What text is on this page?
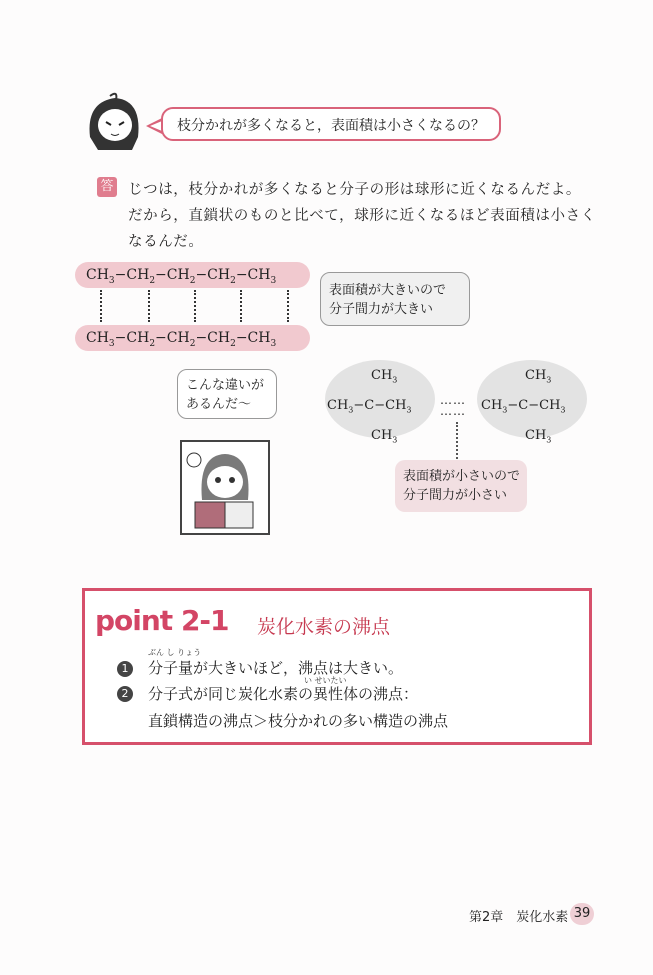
枝分かれが多くなると，表面積は小さくなるの？
答 じつは，枝分かれが多くなると分子の形は球形に近くなるんだよ。
だから，直鎖状のものと比べて，球形に近くなるほど表面積は小さく
なるんだ。
$CH_3-CH_2-CH_2-CH_2-CH_3$
$CH_3-CH_2-CH_2-CH_2-CH_3$
表面積が大きいので
分子間力が大きい
$CH_3$
$CH_3-C-CH_3$
$CH_3$
$CH_3$
$CH_3-C-CH_3$
$CH_3$
……
……
表面積が小さいので
分子間力が小さい
こんな違いが
あるんだ～
point 2-1 炭化水素の沸点
ぶん し りょう
1	分子量が大きいほど，沸点は大きい。
い せいたい
2	分子式が同じ炭化水素の異性体の沸点：
直鎖構造の沸点＞枝分かれの多い構造の沸点
第2章　炭化水素 39
